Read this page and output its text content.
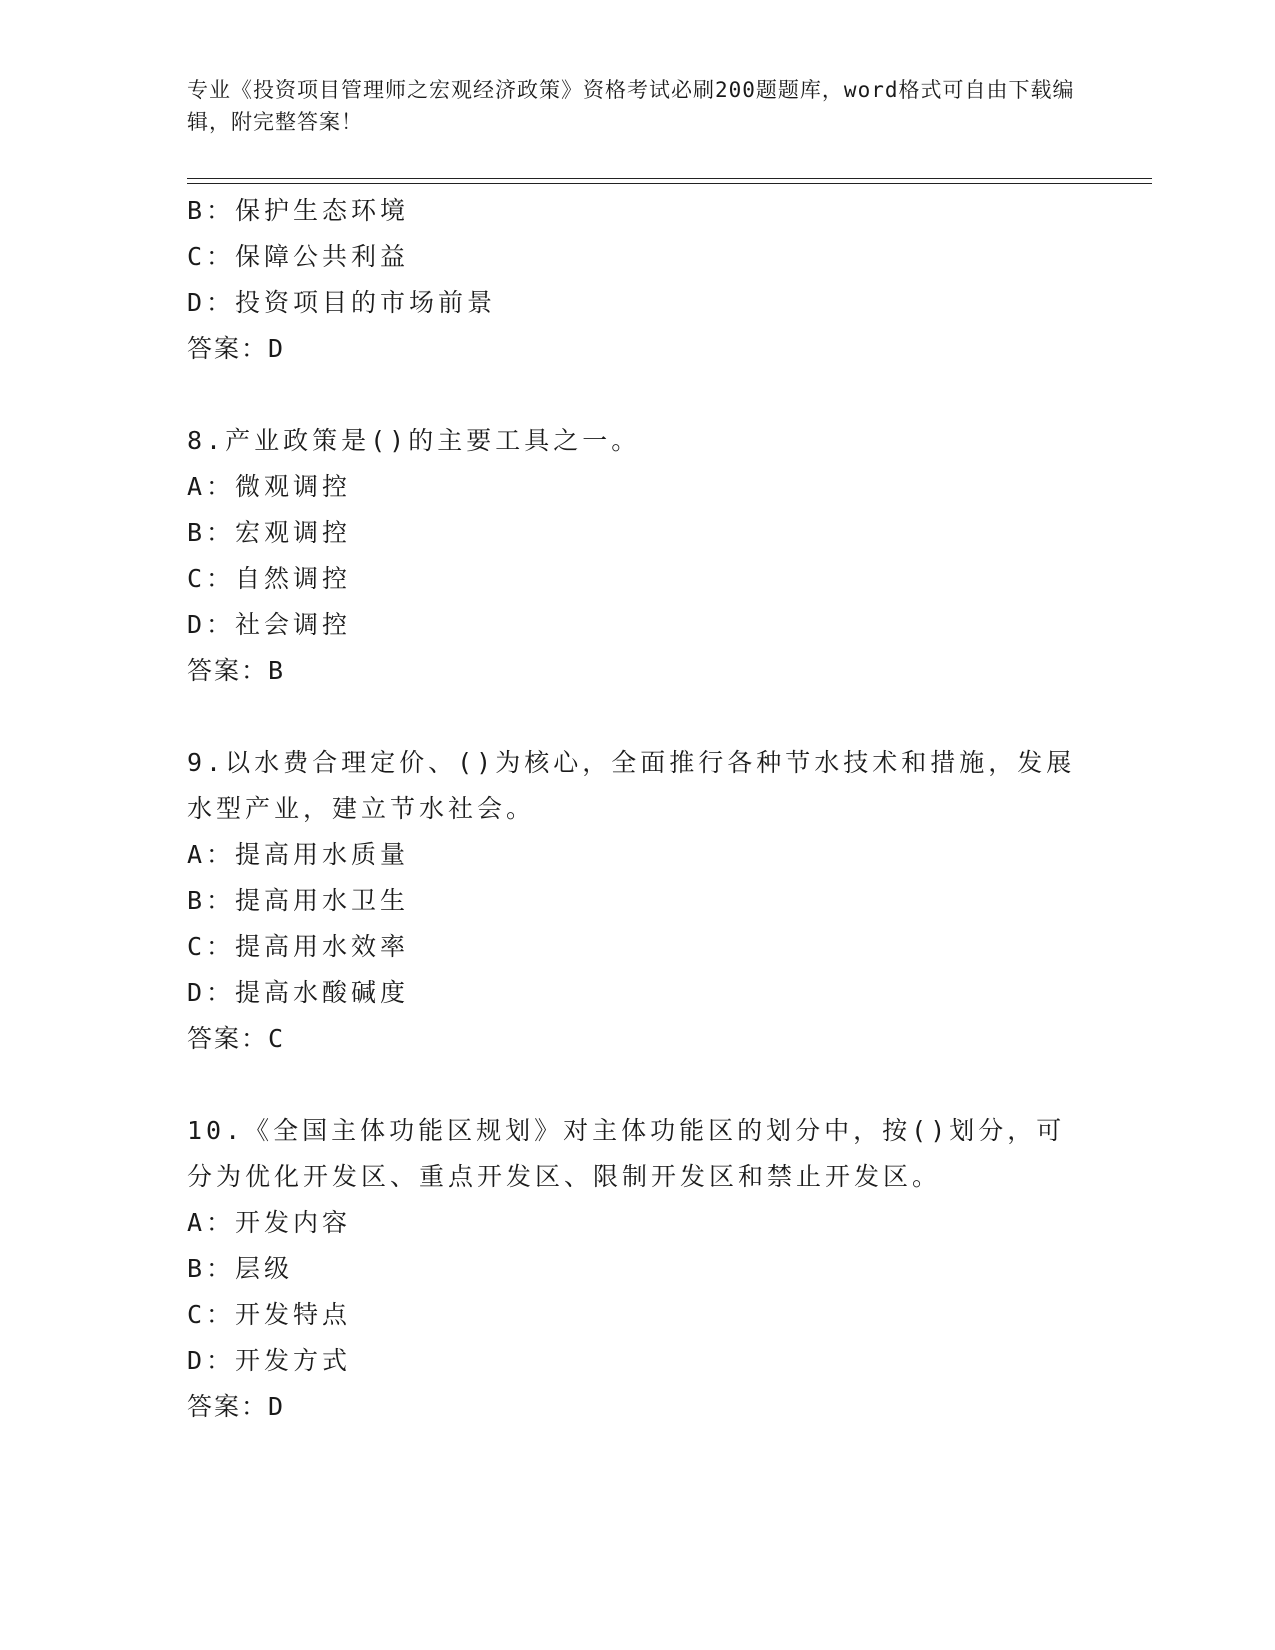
专业《投资项目管理师之宏观经济政策》资格考试必刷200题题库，word格式可自由下载编辑，附完整答案！
B：保护生态环境
C：保障公共利益
D：投资项目的市场前景
答案：D
8.产业政策是()的主要工具之一。
A：微观调控
B：宏观调控
C：自然调控
D：社会调控
答案：B
9.以水费合理定价、()为核心，全面推行各种节水技术和措施，发展水型产业，建立节水社会。
A：提高用水质量
B：提高用水卫生
C：提高用水效率
D：提高水酸碱度
答案：C
10.《全国主体功能区规划》对主体功能区的划分中，按()划分，可分为优化开发区、重点开发区、限制开发区和禁止开发区。
A：开发内容
B：层级
C：开发特点
D：开发方式
答案：D
